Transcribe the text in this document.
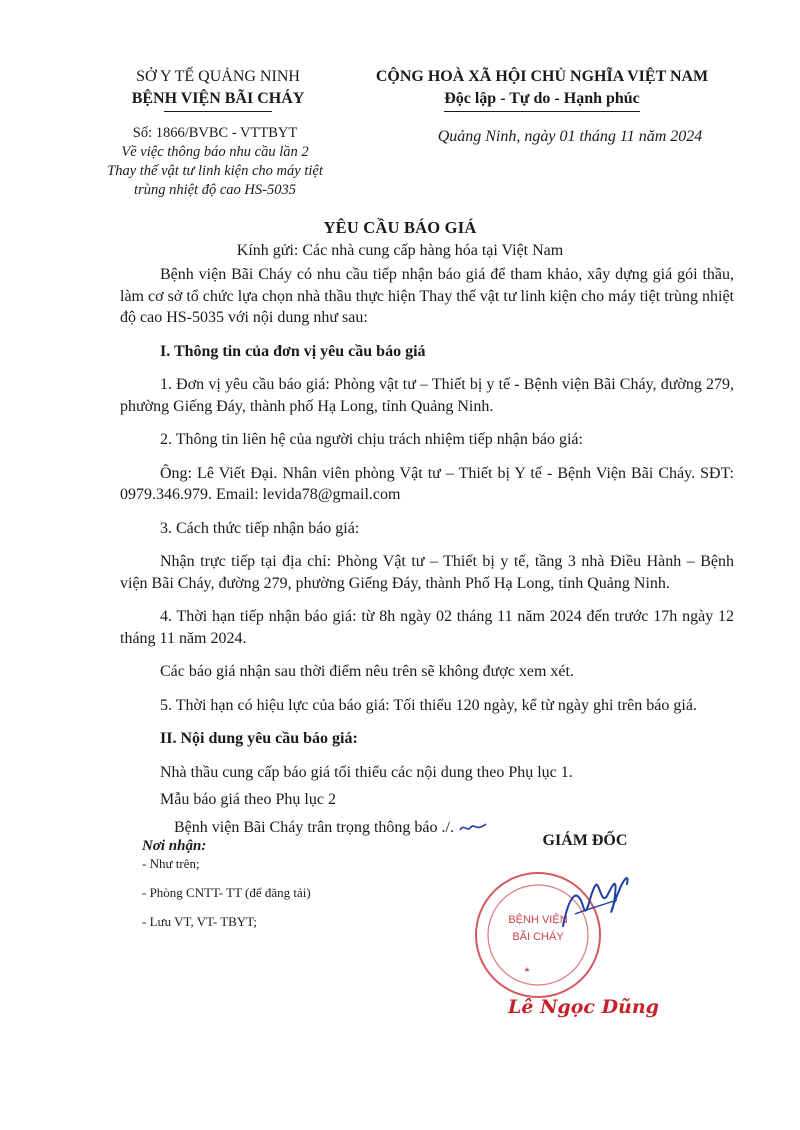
SỞ Y TẾ QUẢNG NINH
BỆNH VIỆN BÃI CHÁY
CỘNG HOÀ XÃ HỘI CHỦ NGHĨA VIỆT NAM
Độc lập - Tự do - Hạnh phúc
Số: 1866/BVBC - VTTBYT
Về việc thông báo nhu cầu lần 2
Thay thế vật tư linh kiện cho máy tiệt
trùng nhiệt độ cao HS-5035
Quảng Ninh, ngày 01 tháng 11 năm 2024
YÊU CẦU BÁO GIÁ
Kính gửi: Các nhà cung cấp hàng hóa tại Việt Nam

Bệnh viện Bãi Cháy có nhu cầu tiếp nhận báo giá để tham khảo, xây dựng giá gói thầu, làm cơ sở tổ chức lựa chọn nhà thầu thực hiện Thay thế vật tư linh kiện cho máy tiệt trùng nhiệt độ cao HS-5035 với nội dung như sau:

I. Thông tin của đơn vị yêu cầu báo giá

1. Đơn vị yêu cầu báo giá: Phòng vật tư – Thiết bị y tế - Bệnh viện Bãi Cháy, đường 279, phường Giếng Đáy, thành phố Hạ Long, tỉnh Quảng Ninh.

2. Thông tin liên hệ của người chịu trách nhiệm tiếp nhận báo giá:

Ông: Lê Viết Đại. Nhân viên phòng Vật tư – Thiết bị Y tế - Bệnh Viện Bãi Cháy. SĐT: 0979.346.979. Email: levida78@gmail.com

3. Cách thức tiếp nhận báo giá:

Nhận trực tiếp tại địa chỉ: Phòng Vật tư – Thiết bị y tế, tầng 3 nhà Điều Hành – Bệnh viện Bãi Cháy, đường 279, phường Giếng Đáy, thành Phố Hạ Long, tỉnh Quảng Ninh.

4. Thời hạn tiếp nhận báo giá: từ 8h ngày 02 tháng 11 năm 2024 đến trước 17h ngày 12 tháng 11 năm 2024.

Các báo giá nhận sau thời điểm nêu trên sẽ không được xem xét.

5. Thời hạn có hiệu lực của báo giá: Tối thiểu 120 ngày, kể từ ngày ghi trên báo giá.

II. Nội dung yêu cầu báo giá:

Nhà thầu cung cấp báo giá tối thiểu các nội dung theo Phụ lục 1.

Mẫu báo giá theo Phụ lục 2

Bệnh viện Bãi Cháy trân trọng thông báo ./.

Nơi nhận:
- Như trên;
- Phòng CNTT- TT (để đăng tải)
- Lưu VT, VT- TBYT;
GIÁM ĐỐC
BỆNH VIỆN
BÃI CHÁY
Lê Ngọc Dũng
